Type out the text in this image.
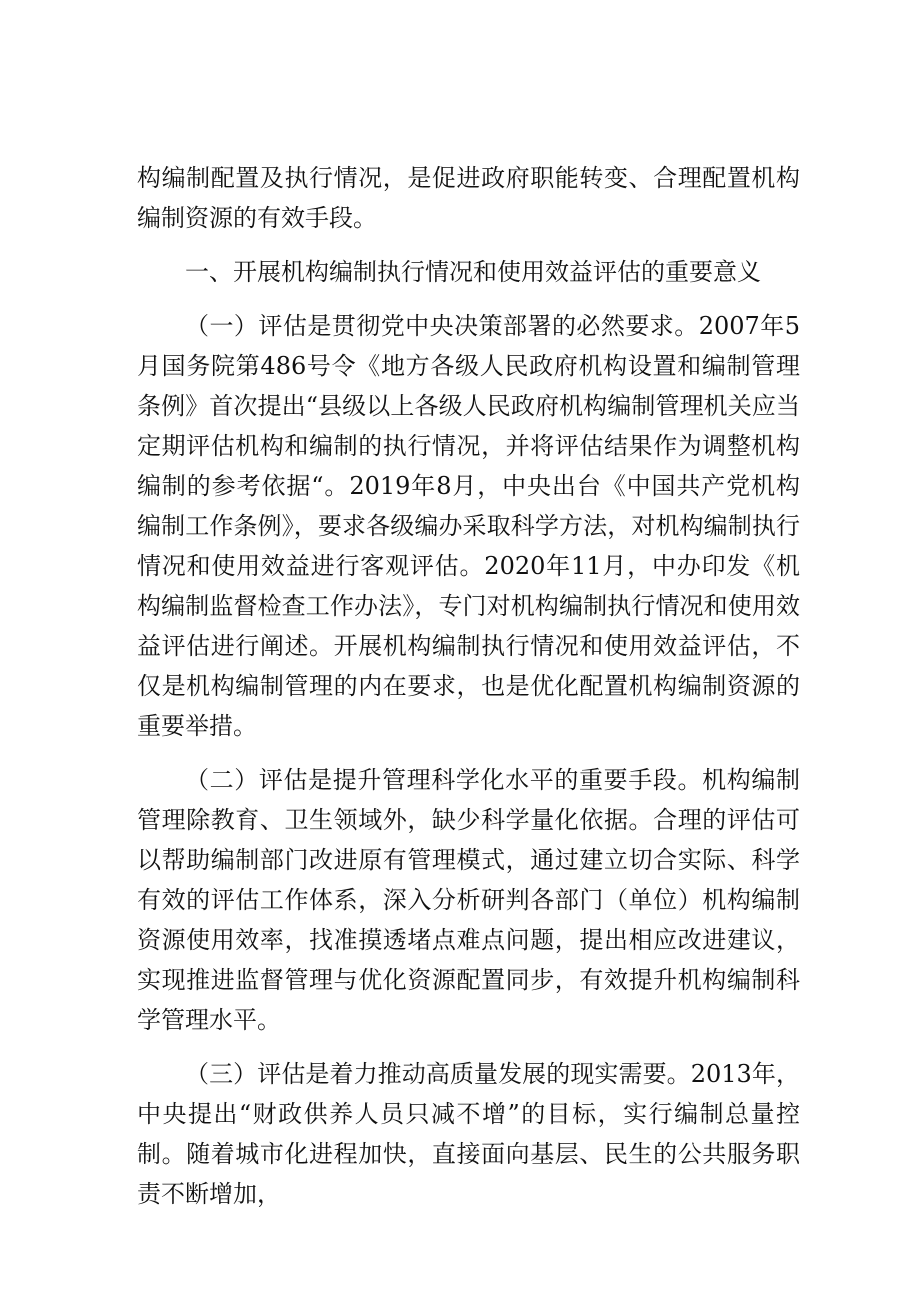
构编制配置及执行情况，是促进政府职能转变、合理配置机构编制资源的有效手段。

一、开展机构编制执行情况和使用效益评估的重要意义

（一）评估是贯彻党中央决策部署的必然要求。2007年5月国务院第486号令《地方各级人民政府机构设置和编制管理条例》首次提出“县级以上各级人民政府机构编制管理机关应当定期评估机构和编制的执行情况，并将评估结果作为调整机构编制的参考依据“。2019年8月，中央出台《中国共产党机构编制工作条例》，要求各级编办采取科学方法，对机构编制执行情况和使用效益进行客观评估。2020年11月，中办印发《机构编制监督检查工作办法》，专门对机构编制执行情况和使用效益评估进行阐述。开展机构编制执行情况和使用效益评估，不仅是机构编制管理的内在要求，也是优化配置机构编制资源的重要举措。

（二）评估是提升管理科学化水平的重要手段。机构编制管理除教育、卫生领域外，缺少科学量化依据。合理的评估可以帮助编制部门改进原有管理模式，通过建立切合实际、科学有效的评估工作体系，深入分析研判各部门（单位）机构编制资源使用效率，找准摸透堵点难点问题，提出相应改进建议，实现推进监督管理与优化资源配置同步，有效提升机构编制科学管理水平。

（三）评估是着力推动高质量发展的现实需要。2013年，中央提出“财政供养人员只减不增”的目标，实行编制总量控制。随着城市化进程加快，直接面向基层、民生的公共服务职责不断增加，
